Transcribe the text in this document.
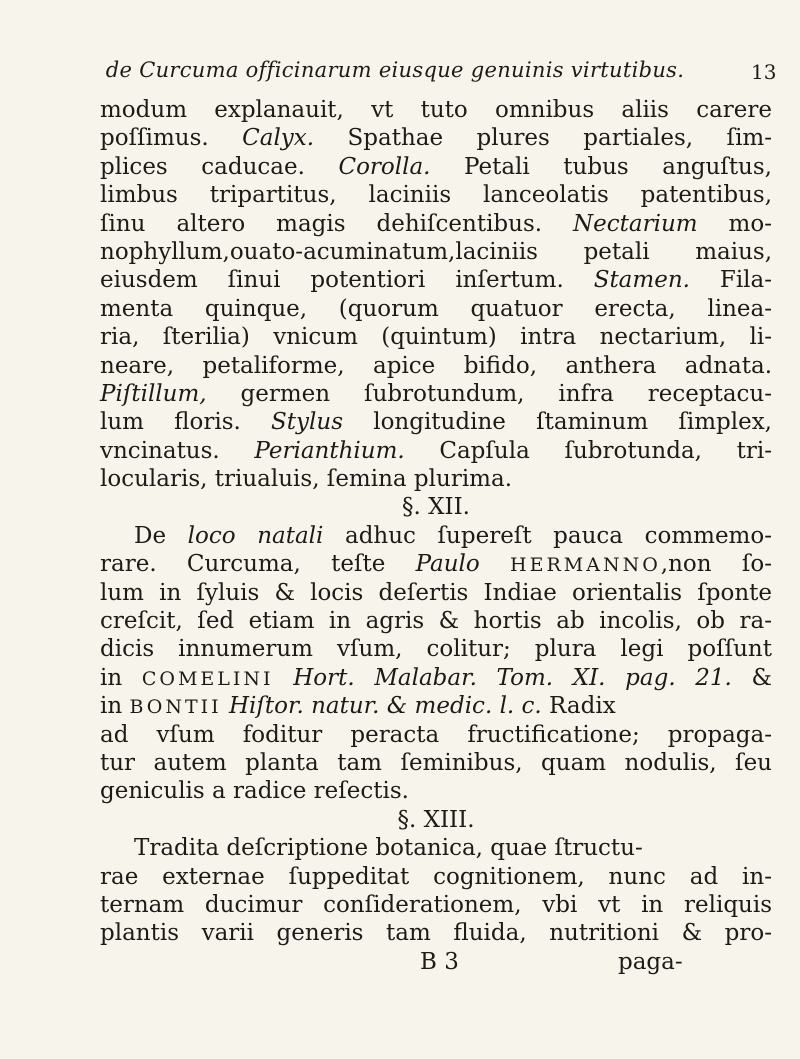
de Curcuma officinarum eiusque genuinis virtutibus.	13
modum explanauit, vt tuto omnibus aliis carere
poſſimus. Calyx. Spathae plures partiales, ſim-
plices caducae. Corolla. Petali tubus anguſtus,
limbus tripartitus, laciniis lanceolatis patentibus,
ſinu altero magis dehiſcentibus. Nectarium mo-
nophyllum,ouato-acuminatum,laciniis petali maius,
eiusdem ſinui potentiori inſertum. Stamen. Fila-
menta quinque, (quorum quatuor erecta, linea-
ria, ſterilia) vnicum (quintum) intra nectarium, li-
neare, petaliforme, apice bifido, anthera adnata.
Piſtillum, germen ſubrotundum, infra receptacu-
lum floris. Stylus longitudine ſtaminum ſimplex,
vncinatus. Perianthium. Capſula ſubrotunda, tri-
locularis, triualuis, ſemina plurima.
§. XII.
De loco natali adhuc ſupereſt pauca commemo-
rare. Curcuma, teſte Paulo HERMANNO,non ſo-
lum in ſyluis & locis deſertis Indiae orientalis ſponte
creſcit, ſed etiam in agris & hortis ab incolis, ob ra-
dicis innumerum vſum, colitur; plura legi poſſunt
in COMELINI Hort. Malabar. Tom. XI. pag. 21. &
in BONTII Hiſtor. natur. & medic. l. c. Radix
ad vſum foditur peracta fructificatione; propaga-
tur autem planta tam ſeminibus, quam nodulis, ſeu
geniculis a radice reſectis.
§. XIII.
Tradita deſcriptione botanica, quae ſtructu-
rae externae ſuppeditat cognitionem, nunc ad in-
ternam ducimur conſiderationem, vbi vt in reliquis
plantis varii generis tam fluida, nutritioni & pro-
B 3	paga-
